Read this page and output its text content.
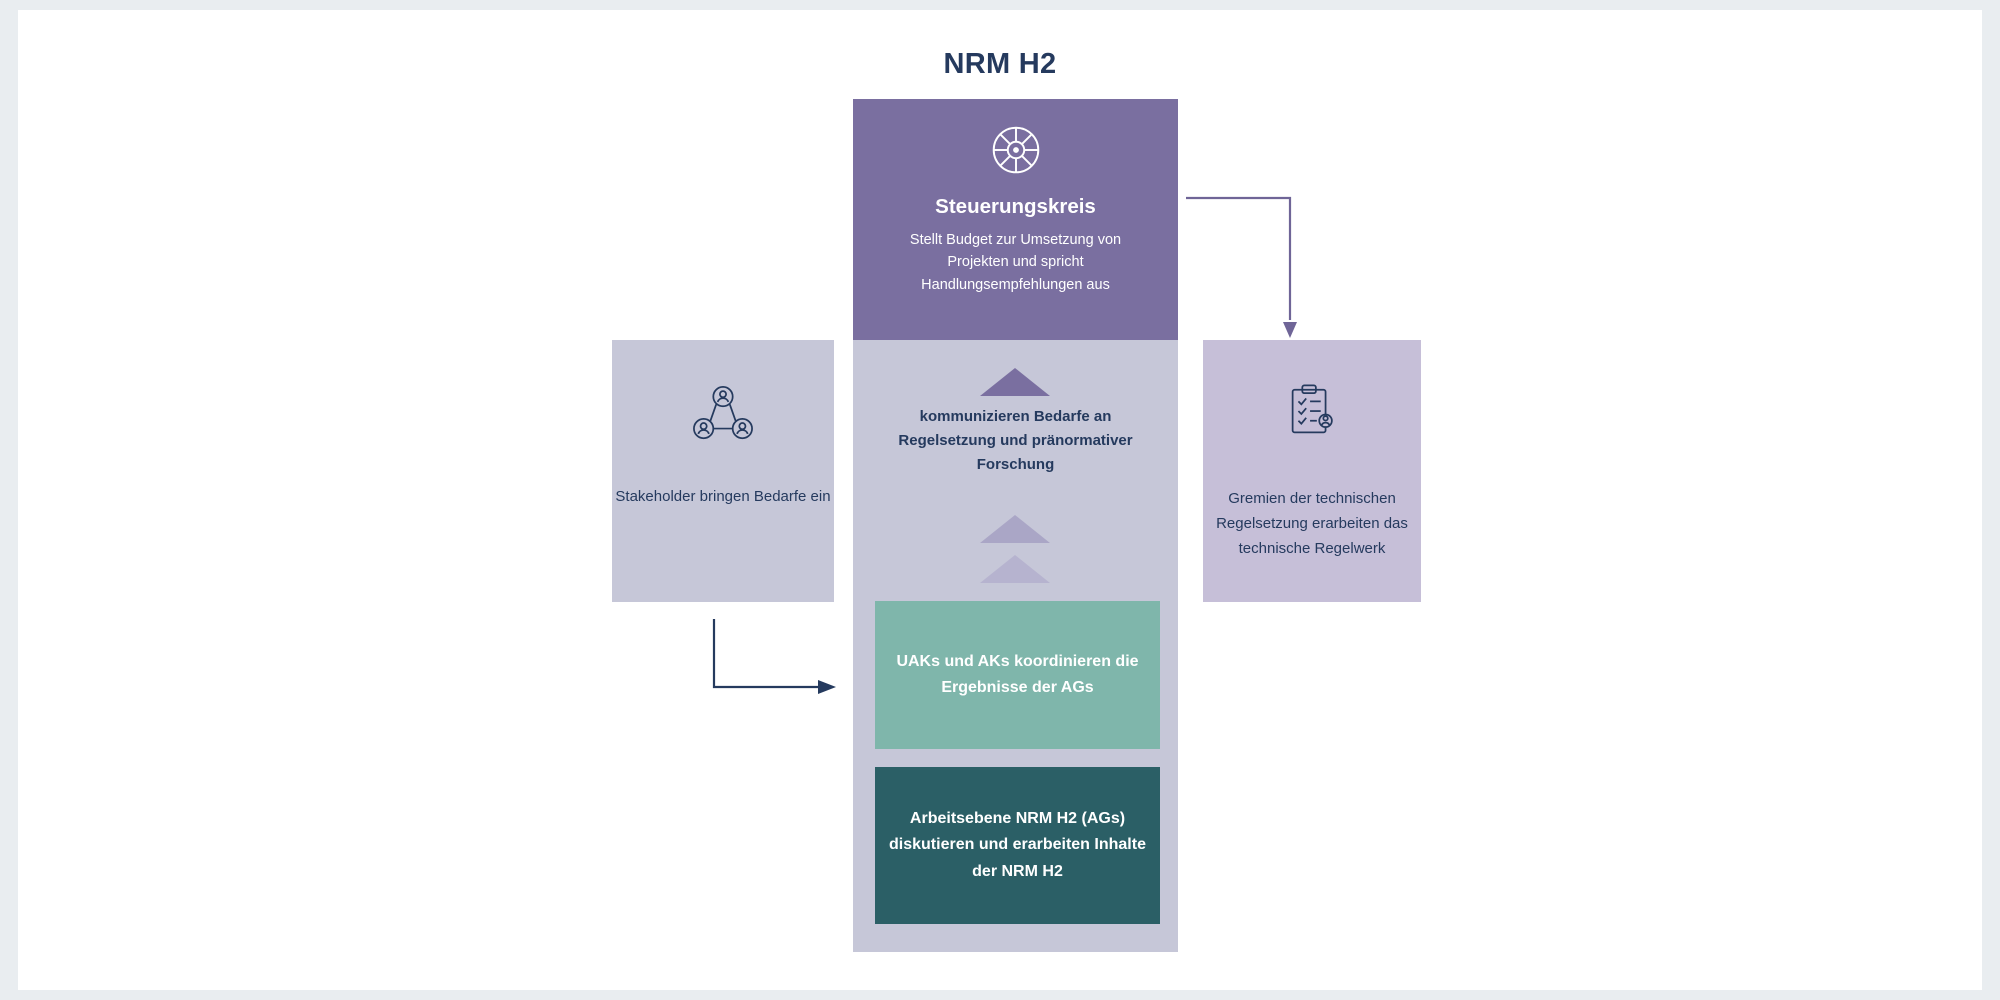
NRM H2
Steuerungskreis
Stellt Budget zur Umsetzung von Projekten und spricht Handlungsempfehlungen aus
kommunizieren Bedarfe an Regelsetzung und pränormativer Forschung
UAKs und AKs koordinieren die Ergebnisse der AGs
Arbeitsebene NRM H2 (AGs) diskutieren und erarbeiten Inhalte der NRM H2
Stakeholder bringen Bedarfe ein	Gremien der technischen Regelsetzung erarbeiten das technische Regelwerk
